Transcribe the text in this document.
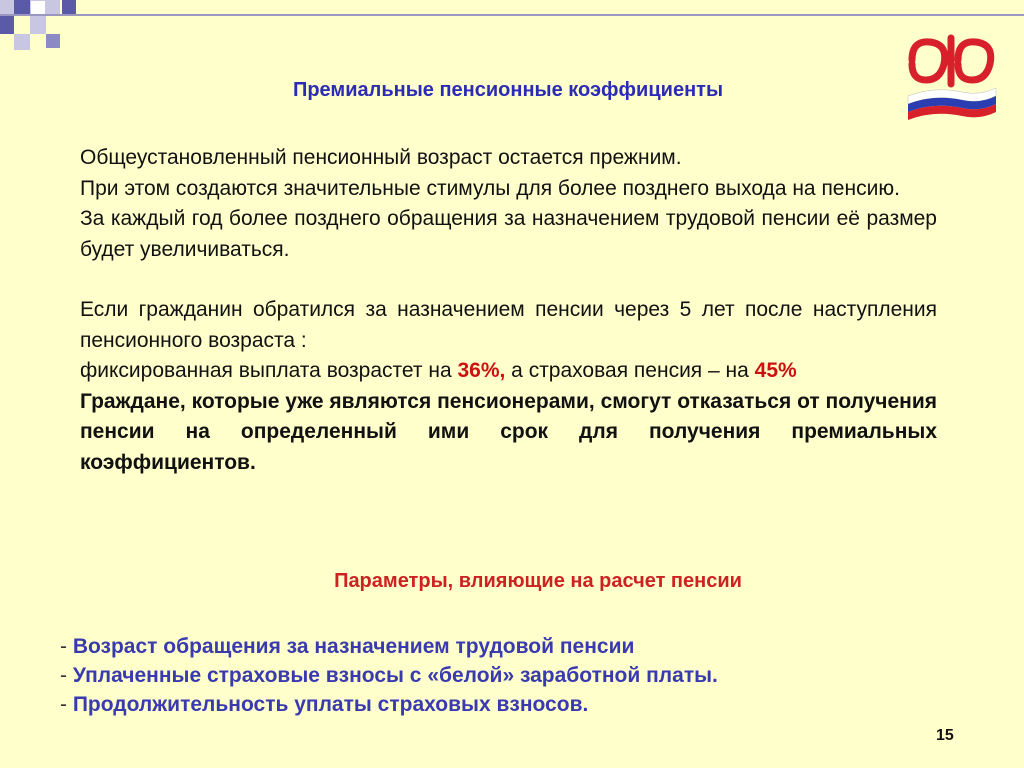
Премиальные пенсионные коэффициенты

Общеустановленный пенсионный возраст остается прежним.

При этом создаются значительные стимулы для более позднего выхода на пенсию.

За каждый год более позднего обращения за назначением трудовой пенсии её размер будет увеличиваться.

Если гражданин обратился за назначением пенсии через 5 лет после наступления пенсионного возраста :

фиксированная выплата возрастет на 36%, а страховая пенсия – на 45%

Граждане, которые уже являются пенсионерами, смогут отказаться от получения пенсии на определенный ими срок для получения премиальных коэффициентов.

Параметры, влияющие на расчет пенсии
- Возраст обращения за назначением трудовой пенсии
- Уплаченные страховые взносы с «белой» заработной платы.
- Продолжительность уплаты страховых взносов.
15
